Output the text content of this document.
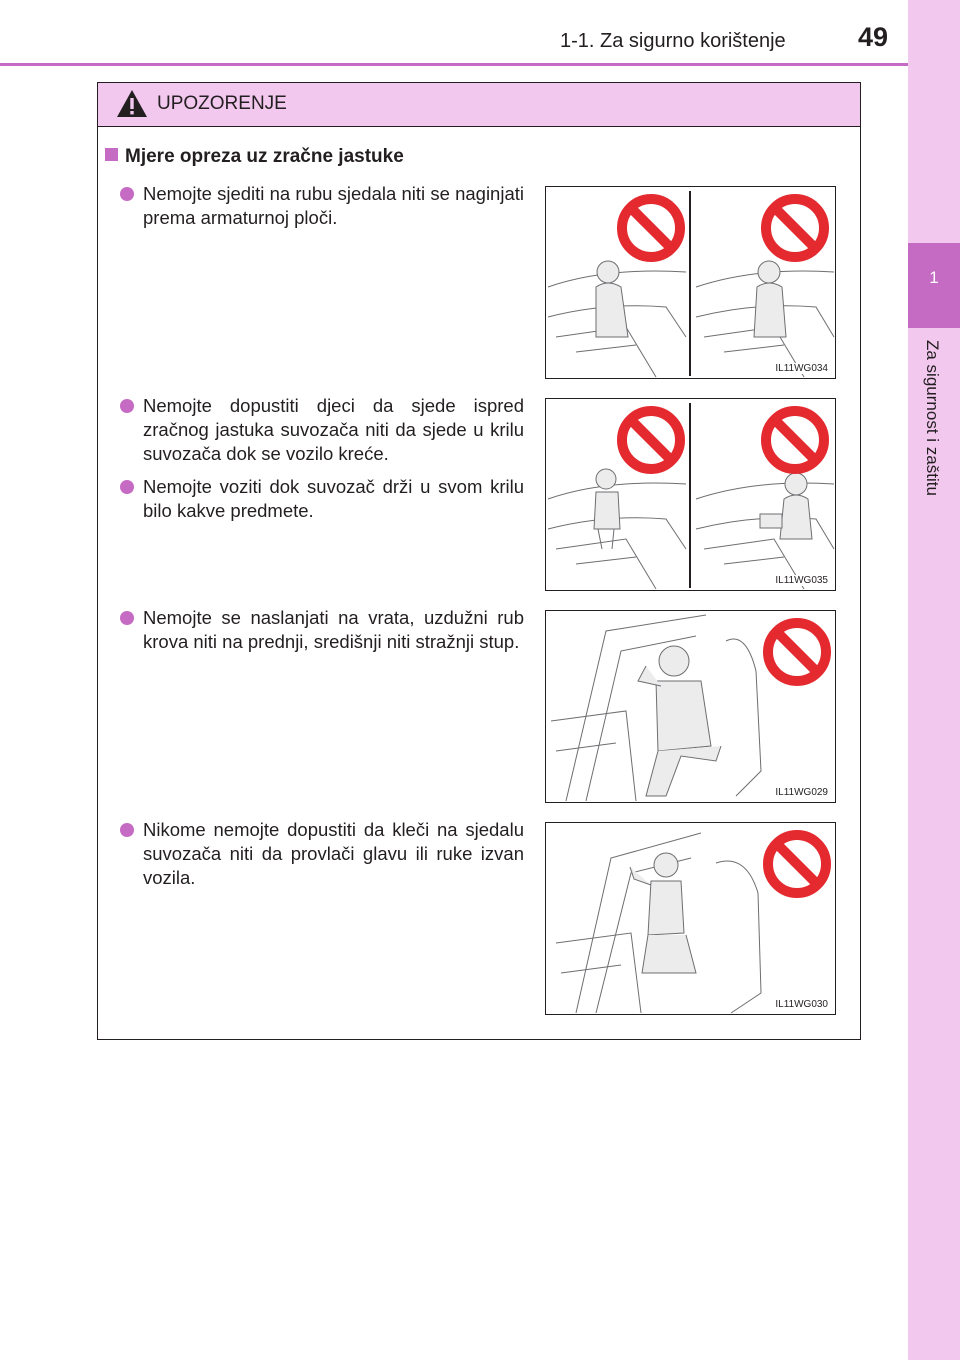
1-1. Za sigurno korištenje	49
1
Za sigurnost i zaštitu
UPOZORENJE
Mjere opreza uz zračne jastuke
Nemojte sjediti na rubu sjedala niti se naginjati prema armaturnoj ploči.
Nemojte dopustiti djeci da sjede ispred zračnog jastuka suvozača niti da sjede u krilu suvozača dok se vozilo kreće.
Nemojte voziti dok suvozač drži u svom krilu bilo kakve predmete.
Nemojte se naslanjati na vrata, uzdužni rub krova niti na prednji, središnji niti stražnji stup.
Nikome nemojte dopustiti da kleči na sjedalu suvozača niti da provlači glavu ili ruke izvan vozila.
IL11WG034
IL11WG035
IL11WG029
IL11WG030
